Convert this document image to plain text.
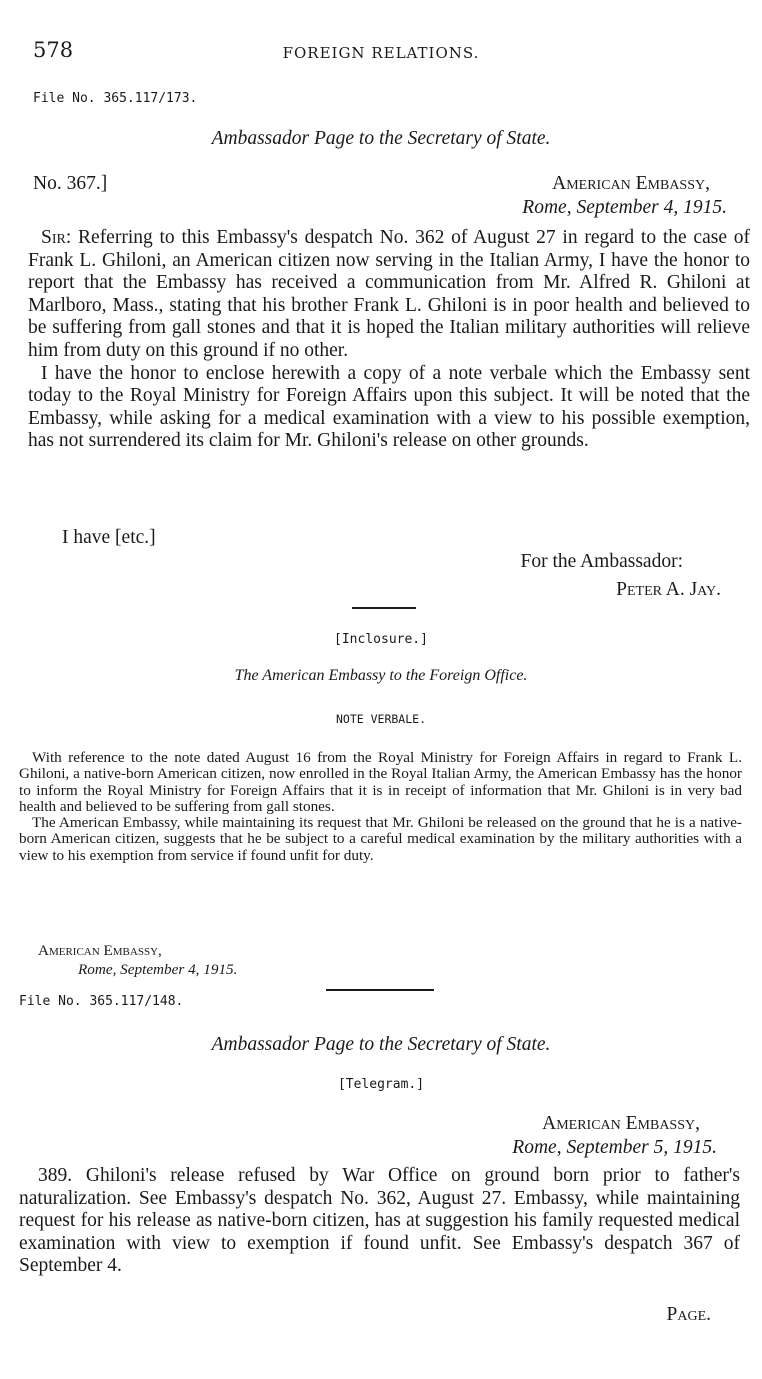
578	FOREIGN RELATIONS.
File No. 365.117/173.
Ambassador Page to the Secretary of State.
No. 367.]	American Embassy,
Rome, September 4, 1915.

Sir: Referring to this Embassy's despatch No. 362 of August 27 in regard to the case of Frank L. Ghiloni, an American citizen now serving in the Italian Army, I have the honor to report that the Embassy has received a communication from Mr. Alfred R. Ghiloni at Marlboro, Mass., stating that his brother Frank L. Ghiloni is in poor health and believed to be suffering from gall stones and that it is hoped the Italian military authorities will relieve him from duty on this ground if no other.

I have the honor to enclose herewith a copy of a note verbale which the Embassy sent today to the Royal Ministry for Foreign Affairs upon this subject. It will be noted that the Embassy, while asking for a medical examination with a view to his possible exemption, has not surrendered its claim for Mr. Ghiloni's release on other grounds.

I have [etc.]
For the Ambassador:
Peter A. Jay.
[Inclosure.]
The American Embassy to the Foreign Office.
NOTE VERBALE.

With reference to the note dated August 16 from the Royal Ministry for Foreign Affairs in regard to Frank L. Ghiloni, a native-born American citizen, now enrolled in the Royal Italian Army, the American Embassy has the honor to inform the Royal Ministry for Foreign Affairs that it is in receipt of information that Mr. Ghiloni is in very bad health and believed to be suffering from gall stones.

The American Embassy, while maintaining its request that Mr. Ghiloni be released on the ground that he is a native-born American citizen, suggests that he be subject to a careful medical examination by the military authorities with a view to his exemption from service if found unfit for duty.

American Embassy,
Rome, September 4, 1915.
File No. 365.117/148.
Ambassador Page to the Secretary of State.
[Telegram.]
American Embassy,
Rome, September 5, 1915.

389. Ghiloni's release refused by War Office on ground born prior to father's naturalization. See Embassy's despatch No. 362, August 27. Embassy, while maintaining request for his release as native-born citizen, has at suggestion his family requested medical examination with view to exemption if found unfit. See Embassy's despatch 367 of September 4.

Page.
